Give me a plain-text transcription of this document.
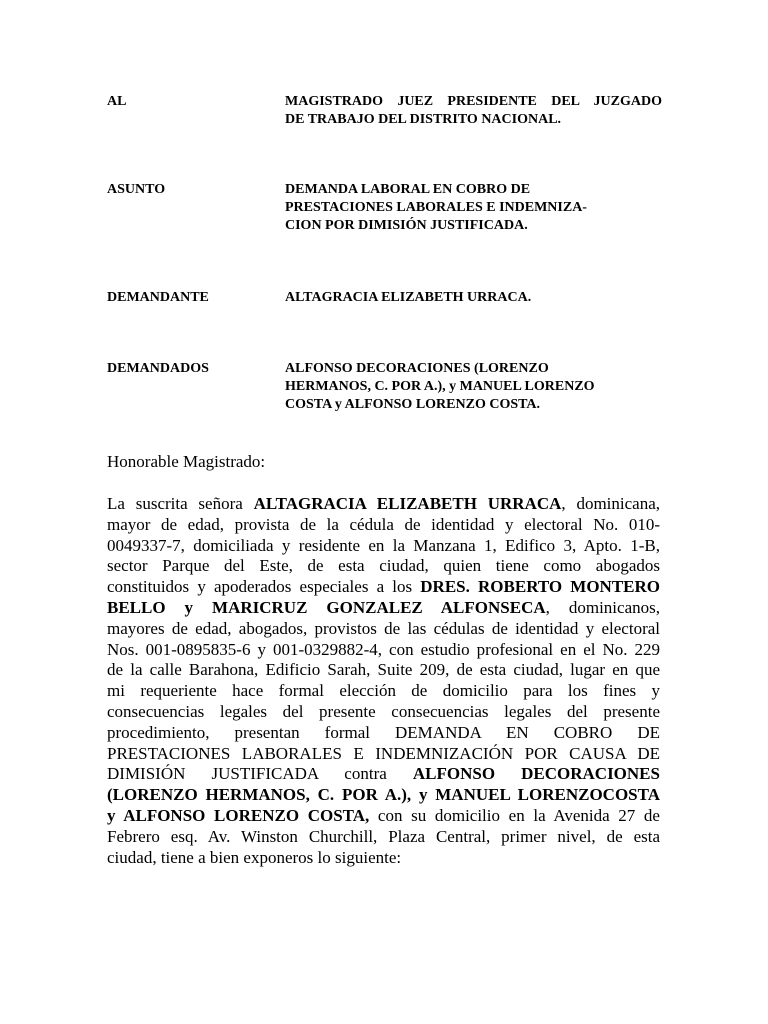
AL	MAGISTRADO JUEZ PRESIDENTE DEL JUZGADO
DE TRABAJO DEL DISTRITO NACIONAL.
ASUNTO	DEMANDA LABORAL EN COBRO DE
PRESTACIONES LABORALES E INDEMNIZA-
CION POR DIMISIÓN JUSTIFICADA.
DEMANDANTE	ALTAGRACIA ELIZABETH URRACA.
DEMANDADOS	ALFONSO DECORACIONES (LORENZO
HERMANOS, C. POR A.), y MANUEL LORENZO
COSTA y ALFONSO LORENZO COSTA.
Honorable Magistrado:
La suscrita señora ALTAGRACIA ELIZABETH URRACA, dominicana,
mayor de edad, provista de la cédula de identidad y electoral No. 010-
0049337-7, domiciliada y residente en la Manzana 1, Edifico 3, Apto. 1-B,
sector Parque del Este, de esta ciudad, quien tiene como abogados
constituidos y apoderados especiales a los DRES. ROBERTO MONTERO
BELLO y MARICRUZ GONZALEZ ALFONSECA, dominicanos,
mayores de edad, abogados, provistos de las cédulas de identidad y electoral
Nos. 001-0895835-6 y 001-0329882-4, con estudio profesional en el No. 229
de la calle Barahona, Edificio Sarah, Suite 209, de esta ciudad, lugar en que
mi requeriente hace formal elección de domicilio para los fines y
consecuencias legales del presente consecuencias legales del presente
procedimiento, presentan formal DEMANDA EN COBRO DE
PRESTACIONES LABORALES E INDEMNIZACIÓN POR CAUSA DE
DIMISIÓN JUSTIFICADA contra ALFONSO DECORACIONES
(LORENZO HERMANOS, C. POR A.), y MANUEL LORENZOCOSTA
y ALFONSO LORENZO COSTA, con su domicilio en la Avenida 27 de
Febrero esq. Av. Winston Churchill, Plaza Central, primer nivel, de esta
ciudad, tiene a bien exponeros lo siguiente:
